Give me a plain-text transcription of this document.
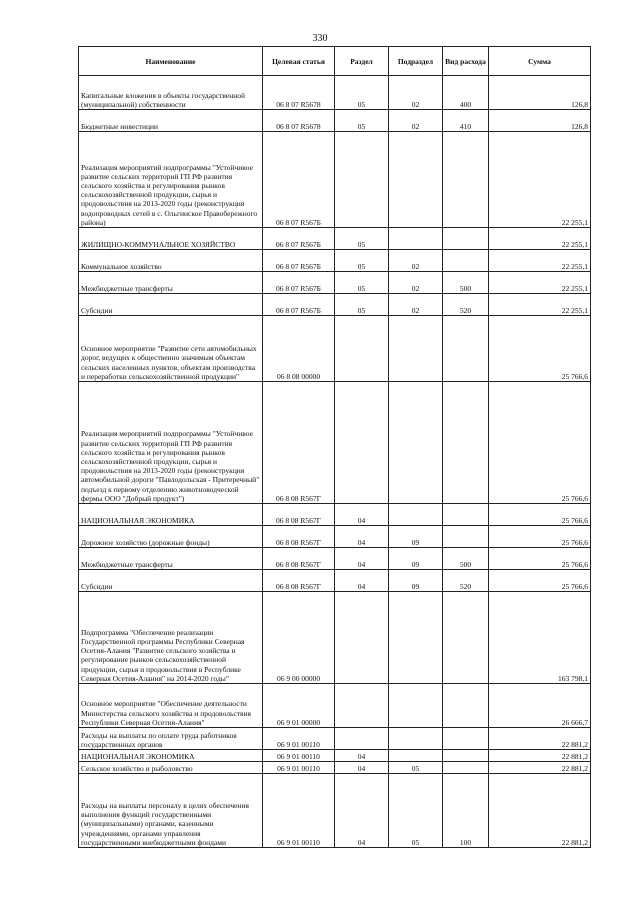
330
Наименование	Целевая статья	Раздел	Подраздел	Вид расхода	Сумма
Капитальные вложения в объекты государственной (муниципальной) собственности	06 8 07 R5678	05	02	400	126,8
Бюджетные инвестиции	06 8 07 R5678	05	02	410	126,8
Реализация мероприятий подпрограммы "Устойчивое развитие сельских территорий ГП РФ развития сельского хозяйства и регулирования рынков сельскохозяйственной продукции, сырья и продовольствия на 2013-2020 годы (реконструкция водопроводных сетей в с. Ольгинское Правобережного района)	06 8 07 R567Б				22 255,1
ЖИЛИЩНО-КОММУНАЛЬНОЕ ХОЗЯЙСТВО	06 8 07 R567Б	05			22 255,1
Коммунальное хозяйство	06 8 07 R567Б	05	02		22 255,1
Межбюджетные трансферты	06 8 07 R567Б	05	02	500	22 255,1
Субсидии	06 8 07 R567Б	05	02	520	22 255,1
Основное мероприятие "Развитие сети автомобильных дорог, ведущих к общественно значимым объектам сельских населенных пунктов, объектам производства и переработки сельскохозяйственной продукции"	06 8 08 00000				25 766,6
Реализация мероприятий подпрограммы "Устойчивое развитие сельских территорий ГП РФ развития сельского хозяйства и регулирования рынков сельскохозяйственной продукции, сырья и продовольствия на 2013-2020 годы (реконструкция автомобильной дороги "Павлодольская - Притеречный" подъезд к первому отделению животноводческой фермы ООО "Добрый продукт")	06 8 08 R567Г				25 766,6
НАЦИОНАЛЬНАЯ ЭКОНОМИКА	06 8 08 R567Г	04			25 766,6
Дорожное хозяйство (дорожные фонды)	06 8 08 R567Г	04	09		25 766,6
Межбюджетные трансферты	06 8 08 R567Г	04	09	500	25 766,6
Субсидии	06 8 08 R567Г	04	09	520	25 766,6
Подпрограмма "Обеспечение реализации Государственной программы Республики Северная Осетия-Алания "Развитие сельского хозяйства и регулирование рынков сельскохозяйственной продукции, сырья и продовольствия в Республике Северная Осетия-Алания" на 2014-2020 годы"	06 9 00 00000				163 798,1
Основное мероприятие "Обеспечение деятельности Министерства сельского хозяйства и продовольствия Республики Северная Осетия-Алания"	06 9 01 00000				26 666,7
Расходы на выплаты по оплате труда работников государственных органов	06 9 01 00110				22 881,2
НАЦИОНАЛЬНАЯ ЭКОНОМИКА	06 9 01 00110	04			22 881,2
Сельское хозяйство и рыболовство	06 9 01 00110	04	05		22 881,2
Расходы на выплаты персоналу в целях обеспечения выполнения функций государственными (муниципальными) органами, казенными учреждениями, органами управления государственными внебюджетными фондами	06 9 01 00110	04	05	100	22 881,2
